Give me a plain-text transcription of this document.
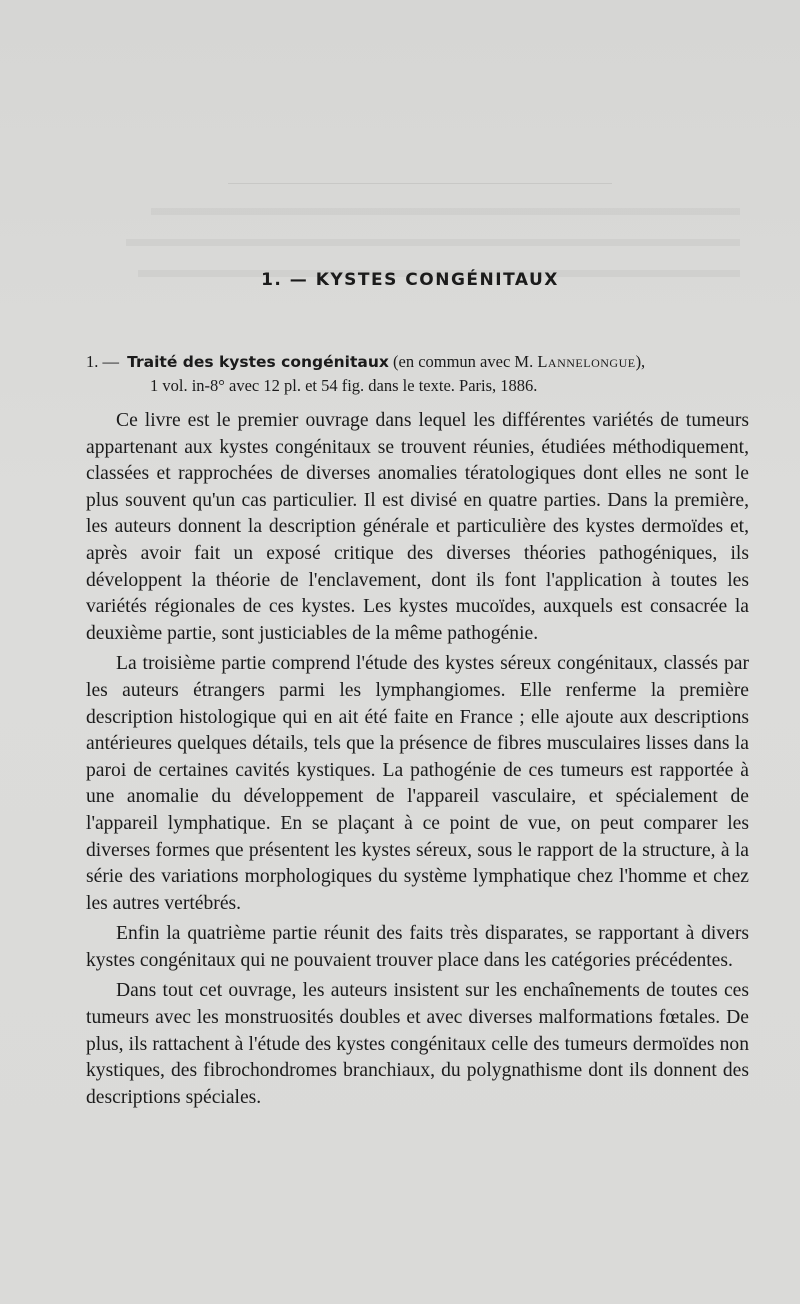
1. — KYSTES CONGÉNITAUX
1. — Traité des kystes congénitaux (en commun avec M. Lannelongue),
1 vol. in-8° avec 12 pl. et 54 fig. dans le texte. Paris, 1886.

Ce livre est le premier ouvrage dans lequel les différentes variétés de tumeurs appartenant aux kystes congénitaux se trouvent réunies, étudiées méthodiquement, classées et rapprochées de diverses anomalies tératologiques dont elles ne sont le plus souvent qu'un cas particulier. Il est divisé en quatre parties. Dans la première, les auteurs donnent la description générale et particulière des kystes dermoïdes et, après avoir fait un exposé critique des diverses théories pathogéniques, ils développent la théorie de l'enclavement, dont ils font l'application à toutes les variétés régionales de ces kystes. Les kystes mucoïdes, auxquels est consacrée la deuxième partie, sont justiciables de la même pathogénie.

La troisième partie comprend l'étude des kystes séreux congénitaux, classés par les auteurs étrangers parmi les lymphangiomes. Elle renferme la première description histologique qui en ait été faite en France ; elle ajoute aux descriptions antérieures quelques détails, tels que la présence de fibres musculaires lisses dans la paroi de certaines cavités kystiques. La pathogénie de ces tumeurs est rapportée à une anomalie du développement de l'appareil vasculaire, et spécialement de l'appareil lymphatique. En se plaçant à ce point de vue, on peut comparer les diverses formes que présentent les kystes séreux, sous le rapport de la structure, à la série des variations morphologiques du système lymphatique chez l'homme et chez les autres vertébrés.

Enfin la quatrième partie réunit des faits très disparates, se rapportant à divers kystes congénitaux qui ne pouvaient trouver place dans les catégories précédentes.

Dans tout cet ouvrage, les auteurs insistent sur les enchaînements de toutes ces tumeurs avec les monstruosités doubles et avec diverses malformations fœtales. De plus, ils rattachent à l'étude des kystes congénitaux celle des tumeurs dermoïdes non kystiques, des fibrochondromes branchiaux, du polygnathisme dont ils donnent des descriptions spéciales.
